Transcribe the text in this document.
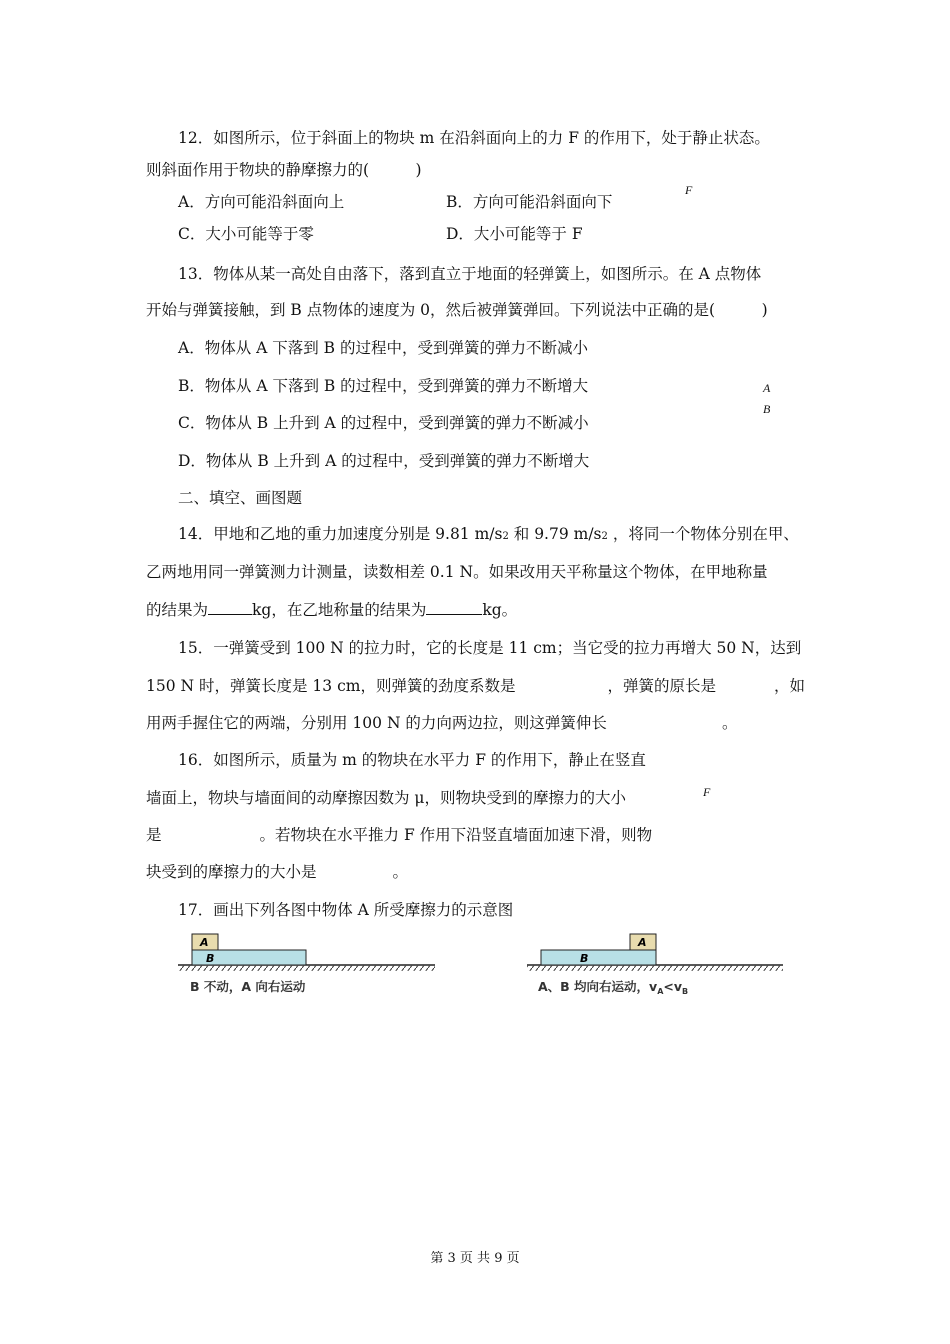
12．如图所示，位于斜面上的物块 m 在沿斜面向上的力 F 的作用下，处于静止状态。
则斜面作用于物块的静摩擦力的(　　　)
A．方向可能沿斜面向上	B．方向可能沿斜面向下
C．大小可能等于零	D．大小可能等于 F
F
13．物体从某一高处自由落下，落到直立于地面的轻弹簧上，如图所示。在 A 点物体
开始与弹簧接触，到 B 点物体的速度为 0，然后被弹簧弹回。下列说法中正确的是(　　　)
A．物体从 A 下落到 B 的过程中，受到弹簧的弹力不断减小
B．物体从 A 下落到 B 的过程中，受到弹簧的弹力不断增大
C．物体从 B 上升到 A 的过程中，受到弹簧的弹力不断减小
D．物体从 B 上升到 A 的过程中，受到弹簧的弹力不断增大
A
B
二、填空、画图题
14．甲地和乙地的重力加速度分别是 9.81 m/s2 和 9.79 m/s2 ，将同一个物体分别在甲、
乙两地用同一弹簧测力计测量，读数相差 0.1 N。如果改用天平称量这个物体，在甲地称量
的结果为	kg，在乙地称量的结果为	kg。
15．一弹簧受到 100 N 的拉力时，它的长度是 11 cm；当它受的拉力再增大 50 N，达到
150 N 时，弹簧长度是 13 cm，则弹簧的劲度系数是	，弹簧的原长是	，如
用两手握住它的两端，分别用 100 N 的力向两边拉，则这弹簧伸长	。
16．如图所示，质量为 m 的物块在水平力 F 的作用下，静止在竖直
墙面上，物块与墙面间的动摩擦因数为 μ，则物块受到的摩擦力的大小
是	。若物块在水平推力 F 作用下沿竖直墙面加速下滑，则物
块受到的摩擦力的大小是	。
F
17．画出下列各图中物体 A 所受摩擦力的示意图
A
B
B 不动，A 向右运动
A
B
A、B 均向右运动，$v_A<v_B$
第 3 页 共 9 页
